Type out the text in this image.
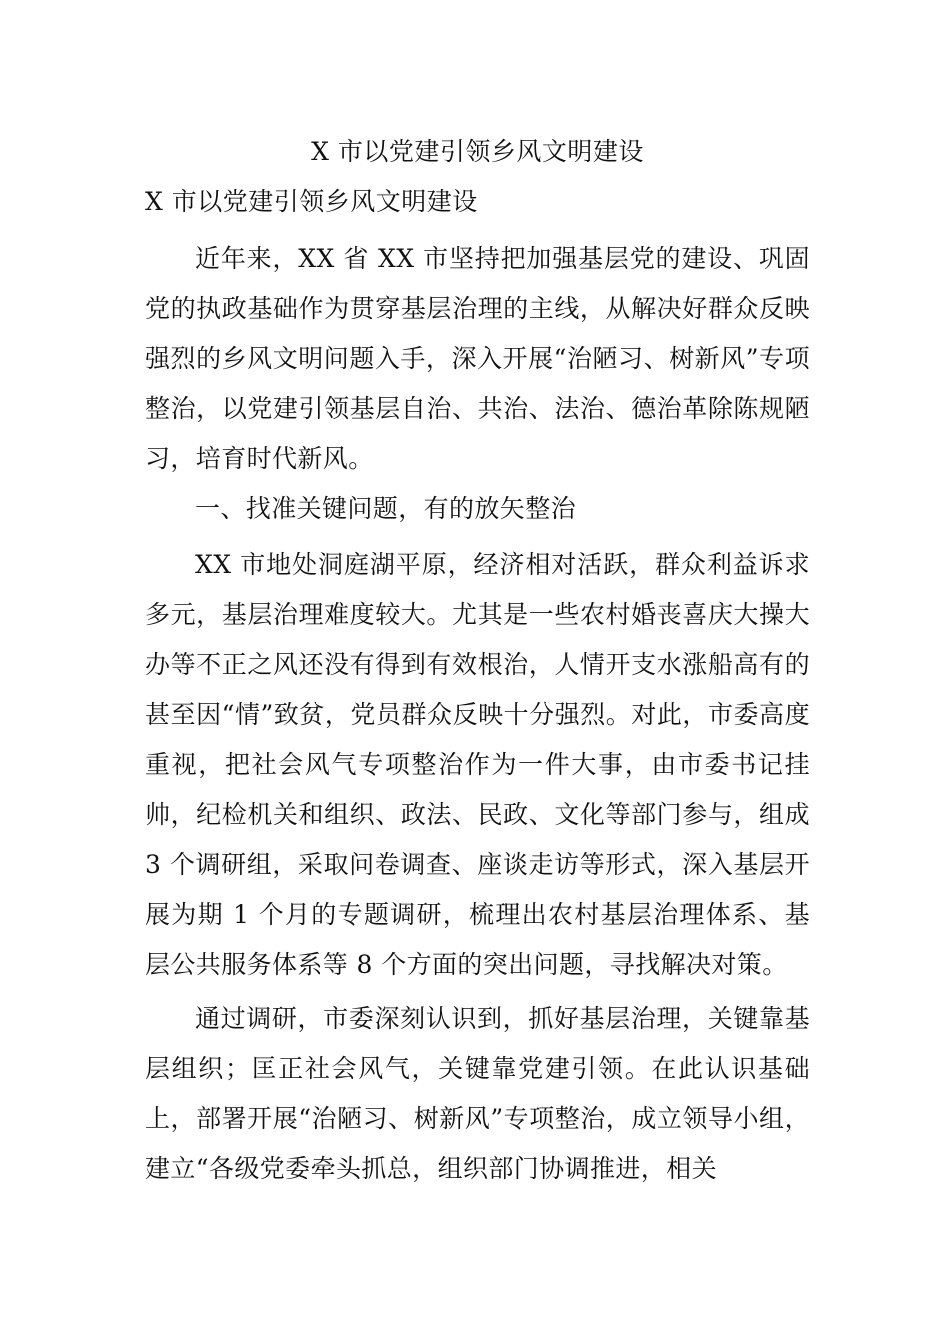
X 市以党建引领乡风文明建设
X 市以党建引领乡风文明建设

近年来，XX 省 XX 市坚持把加强基层党的建设、巩固党的执政基础作为贯穿基层治理的主线，从解决好群众反映强烈的乡风文明问题入手，深入开展“治陋习、树新风”专项整治，以党建引领基层自治、共治、法治、德治革除陈规陋习，培育时代新风。

一、找准关键问题，有的放矢整治

XX 市地处洞庭湖平原，经济相对活跃，群众利益诉求多元，基层治理难度较大。尤其是一些农村婚丧喜庆大操大办等不正之风还没有得到有效根治，人情开支水涨船高有的甚至因“情”致贫，党员群众反映十分强烈。对此，市委高度重视，把社会风气专项整治作为一件大事，由市委书记挂帅，纪检机关和组织、政法、民政、文化等部门参与，组成 3 个调研组，采取问卷调查、座谈走访等形式，深入基层开展为期 1 个月的专题调研，梳理出农村基层治理体系、基层公共服务体系等 8 个方面的突出问题，寻找解决对策。

通过调研，市委深刻认识到，抓好基层治理，关键靠基层组织；匡正社会风气，关键靠党建引领。在此认识基础上，部署开展“治陋习、树新风”专项整治，成立领导小组，建立“各级党委牵头抓总，组织部门协调推进，相关
